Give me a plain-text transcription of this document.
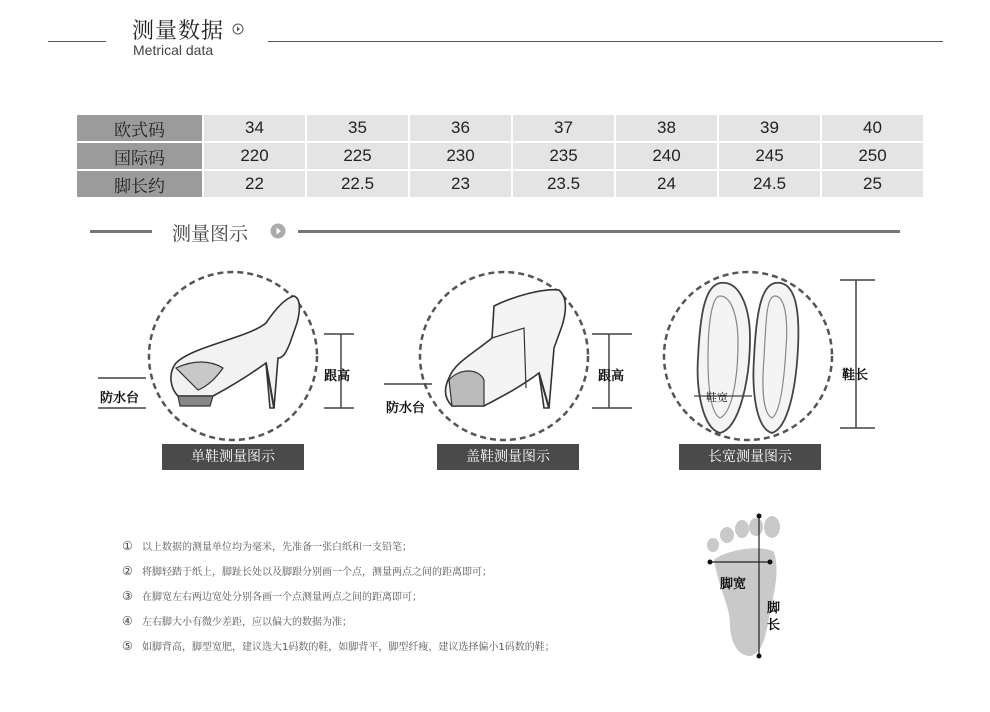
测量数据
Metrical data
欧式码	34	35	36	37	38	39	40
国际码	220	225	230	235	240	245	250
脚长约	22	22.5	23	23.5	24	24.5	25
测量图示
跟高
防水台
单鞋测量图示
跟高
防水台
盖鞋测量图示
鞋宽
鞋长
长宽测量图示
① 以上数据的测量单位均为毫米，先准备一张白纸和一支铅笔；
② 将脚轻踏于纸上，脚趾长处以及脚跟分别画一个点，测量两点之间的距离即可；
③ 在脚宽左右两边宽处分别各画一个点测量两点之间的距离即可；
④ 左右脚大小有微少差距，应以偏大的数据为准；
⑤ 如脚背高，脚型宽肥，建议选大1码数的鞋，如脚背平，脚型纤瘦，建议选择偏小1码数的鞋；
脚宽
脚
长
